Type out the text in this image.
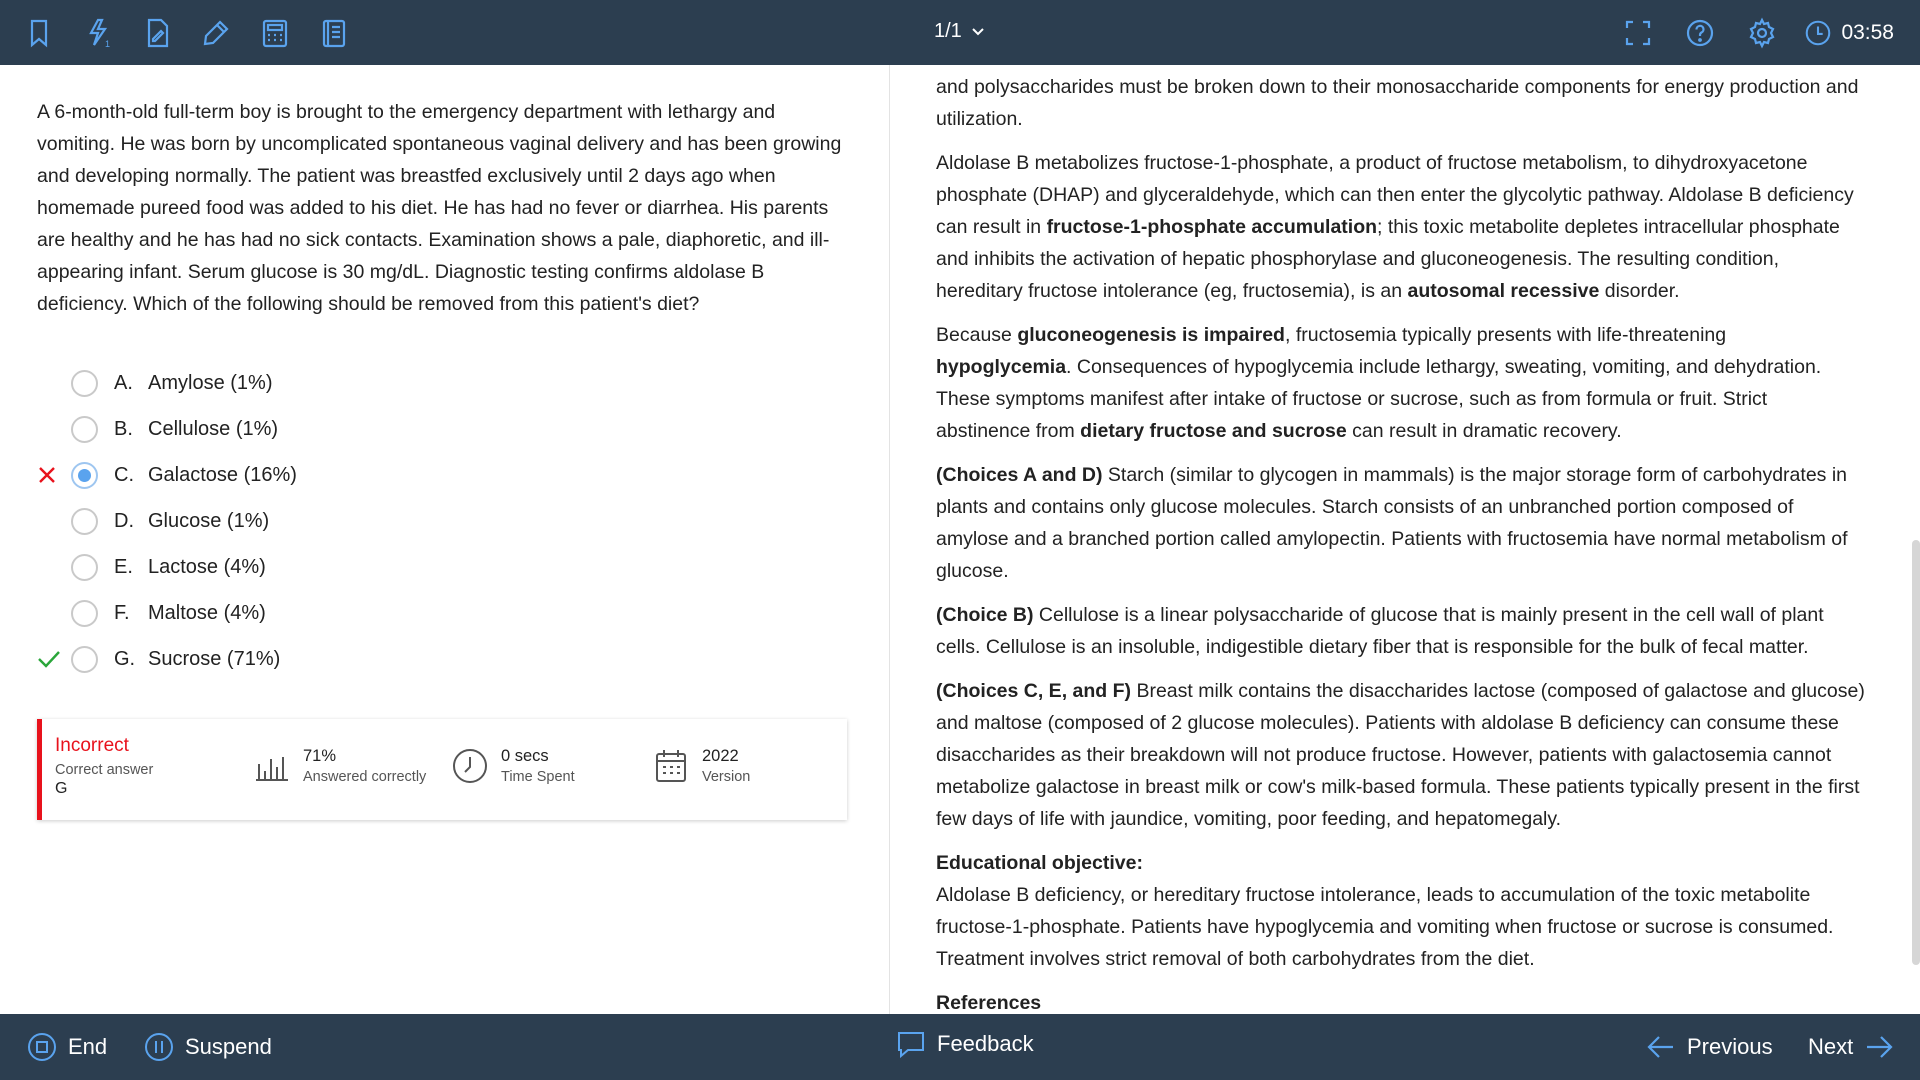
1
1/1	03:58
A 6-month-old full-term boy is brought to the emergency department with lethargy and vomiting. He was born by uncomplicated spontaneous vaginal delivery and has been growing and developing normally. The patient was breastfed exclusively until 2 days ago when homemade pureed food was added to his diet. He has had no fever or diarrhea. His parents are healthy and he has had no sick contacts. Examination shows a pale, diaphoretic, and ill-appearing infant. Serum glucose is 30 mg/dL. Diagnostic testing confirms aldolase B deficiency. Which of the following should be removed from this patient's diet?
A. Amylose (1%)
B. Cellulose (1%)
C. Galactose (16%)
D. Glucose (1%)
E. Lactose (4%)
F. Maltose (4%)
G. Sucrose (71%)
Incorrect
Correct answer
G
71%
Answered correctly
0 secs
Time Spent
2022
Version

and polysaccharides must be broken down to their monosaccharide components for energy production and utilization.

Aldolase B metabolizes fructose-1-phosphate, a product of fructose metabolism, to dihydroxyacetone phosphate (DHAP) and glyceraldehyde, which can then enter the glycolytic pathway. Aldolase B deficiency can result in fructose-1-phosphate accumulation; this toxic metabolite depletes intracellular phosphate and inhibits the activation of hepatic phosphorylase and gluconeogenesis. The resulting condition, hereditary fructose intolerance (eg, fructosemia), is an autosomal recessive disorder.

Because gluconeogenesis is impaired, fructosemia typically presents with life-threatening hypoglycemia. Consequences of hypoglycemia include lethargy, sweating, vomiting, and dehydration. These symptoms manifest after intake of fructose or sucrose, such as from formula or fruit. Strict abstinence from dietary fructose and sucrose can result in dramatic recovery.

(Choices A and D) Starch (similar to glycogen in mammals) is the major storage form of carbohydrates in plants and contains only glucose molecules. Starch consists of an unbranched portion composed of amylose and a branched portion called amylopectin. Patients with fructosemia have normal metabolism of glucose.

(Choice B) Cellulose is a linear polysaccharide of glucose that is mainly present in the cell wall of plant cells. Cellulose is an insoluble, indigestible dietary fiber that is responsible for the bulk of fecal matter.

(Choices C, E, and F) Breast milk contains the disaccharides lactose (composed of galactose and glucose) and maltose (composed of 2 glucose molecules). Patients with aldolase B deficiency can consume these disaccharides as their breakdown will not produce fructose. However, patients with galactosemia cannot metabolize galactose in breast milk or cow's milk-based formula. These patients typically present in the first few days of life with jaundice, vomiting, poor feeding, and hepatomegaly.

Educational objective:

Aldolase B deficiency, or hereditary fructose intolerance, leads to accumulation of the toxic metabolite fructose-1-phosphate. Patients have hypoglycemia and vomiting when fructose or sucrose is consumed. Treatment involves strict removal of both carbohydrates from the diet.

References
End	Suspend	Feedback	Previous Next
